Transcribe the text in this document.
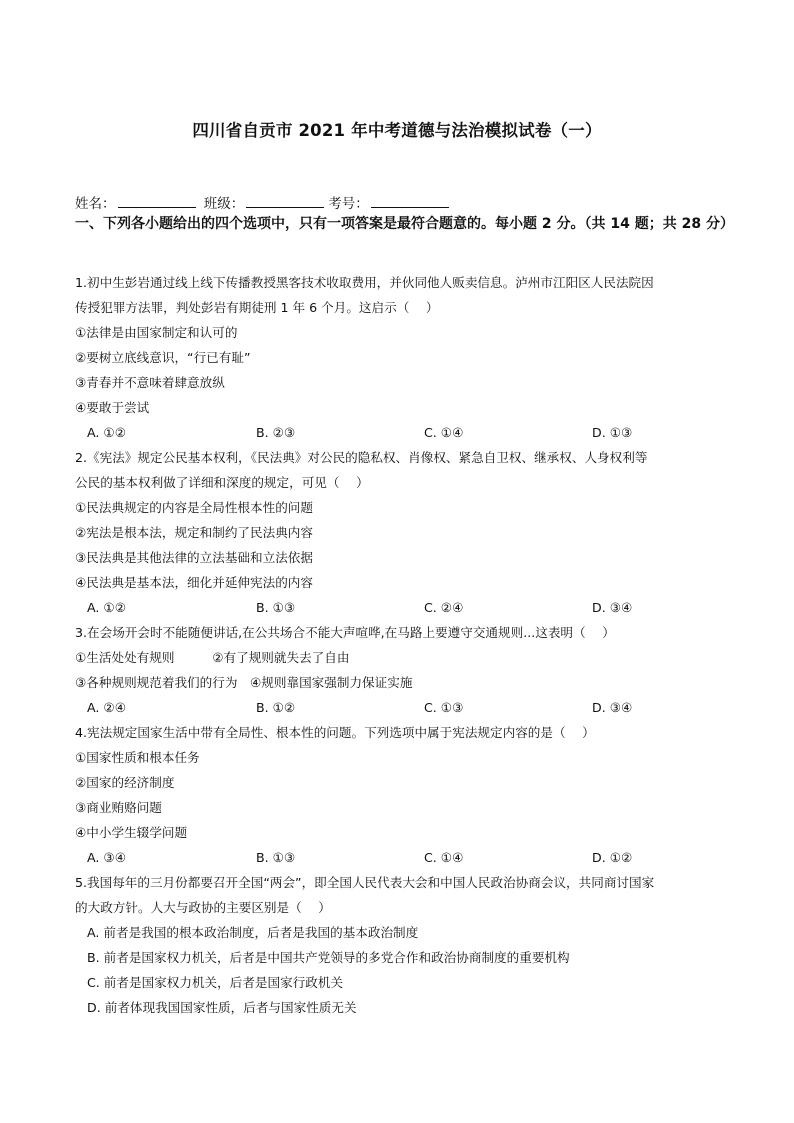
四川省自贡市 2021 年中考道德与法治模拟试卷（一）
姓名：	班级：	考号：
一、下列各小题给出的四个选项中，只有一项答案是最符合题意的。每小题 2 分。（共 14 题；共 28 分）
1.初中生彭岩通过线上线下传播教授黑客技术收取费用，并伙同他人贩卖信息。泸州市江阳区人民法院因
传授犯罪方法罪，判处彭岩有期徒刑 1 年 6 个月。这启示（　 ）
①法律是由国家制定和认可的
②要树立底线意识，“行已有耻”
③青春并不意味着肆意放纵
④要敢于尝试
A. ①②	B. ②③	C. ①④	D. ①③
2.《宪法》规定公民基本权利，《民法典》对公民的隐私权、肖像权、紧急自卫权、继承权、人身权利等
公民的基本权利做了详细和深度的规定，可见（　 ）
①民法典规定的内容是全局性根本性的问题
②宪法是根本法，规定和制约了民法典内容
③民法典是其他法律的立法基础和立法依据
④民法典是基本法，细化并延伸宪法的内容
A. ①②	B. ①③	C. ②④	D. ③④
3.在会场开会时不能随便讲话,在公共场合不能大声喧哗,在马路上要遵守交通规则...这表明（　 ）
①生活处处有规则　　　②有了规则就失去了自由
③各种规则规范着我们的行为　④规则靠国家强制力保证实施
A. ②④	B. ①②	C. ①③	D. ③④
4.宪法规定国家生活中带有全局性、根本性的问题。下列选项中属于宪法规定内容的是（　 ）
①国家性质和根本任务
②国家的经济制度
③商业贿赂问题
④中小学生辍学问题
A. ③④	B. ①③	C. ①④	D. ①②
5.我国每年的三月份都要召开全国“两会”，即全国人民代表大会和中国人民政治协商会议，共同商讨国家
的大政方针。人大与政协的主要区别是（　 ）
A. 前者是我国的根本政治制度，后者是我国的基本政治制度
B. 前者是国家权力机关，后者是中国共产党领导的多党合作和政治协商制度的重要机构
C. 前者是国家权力机关，后者是国家行政机关
D. 前者体现我国国家性质，后者与国家性质无关
